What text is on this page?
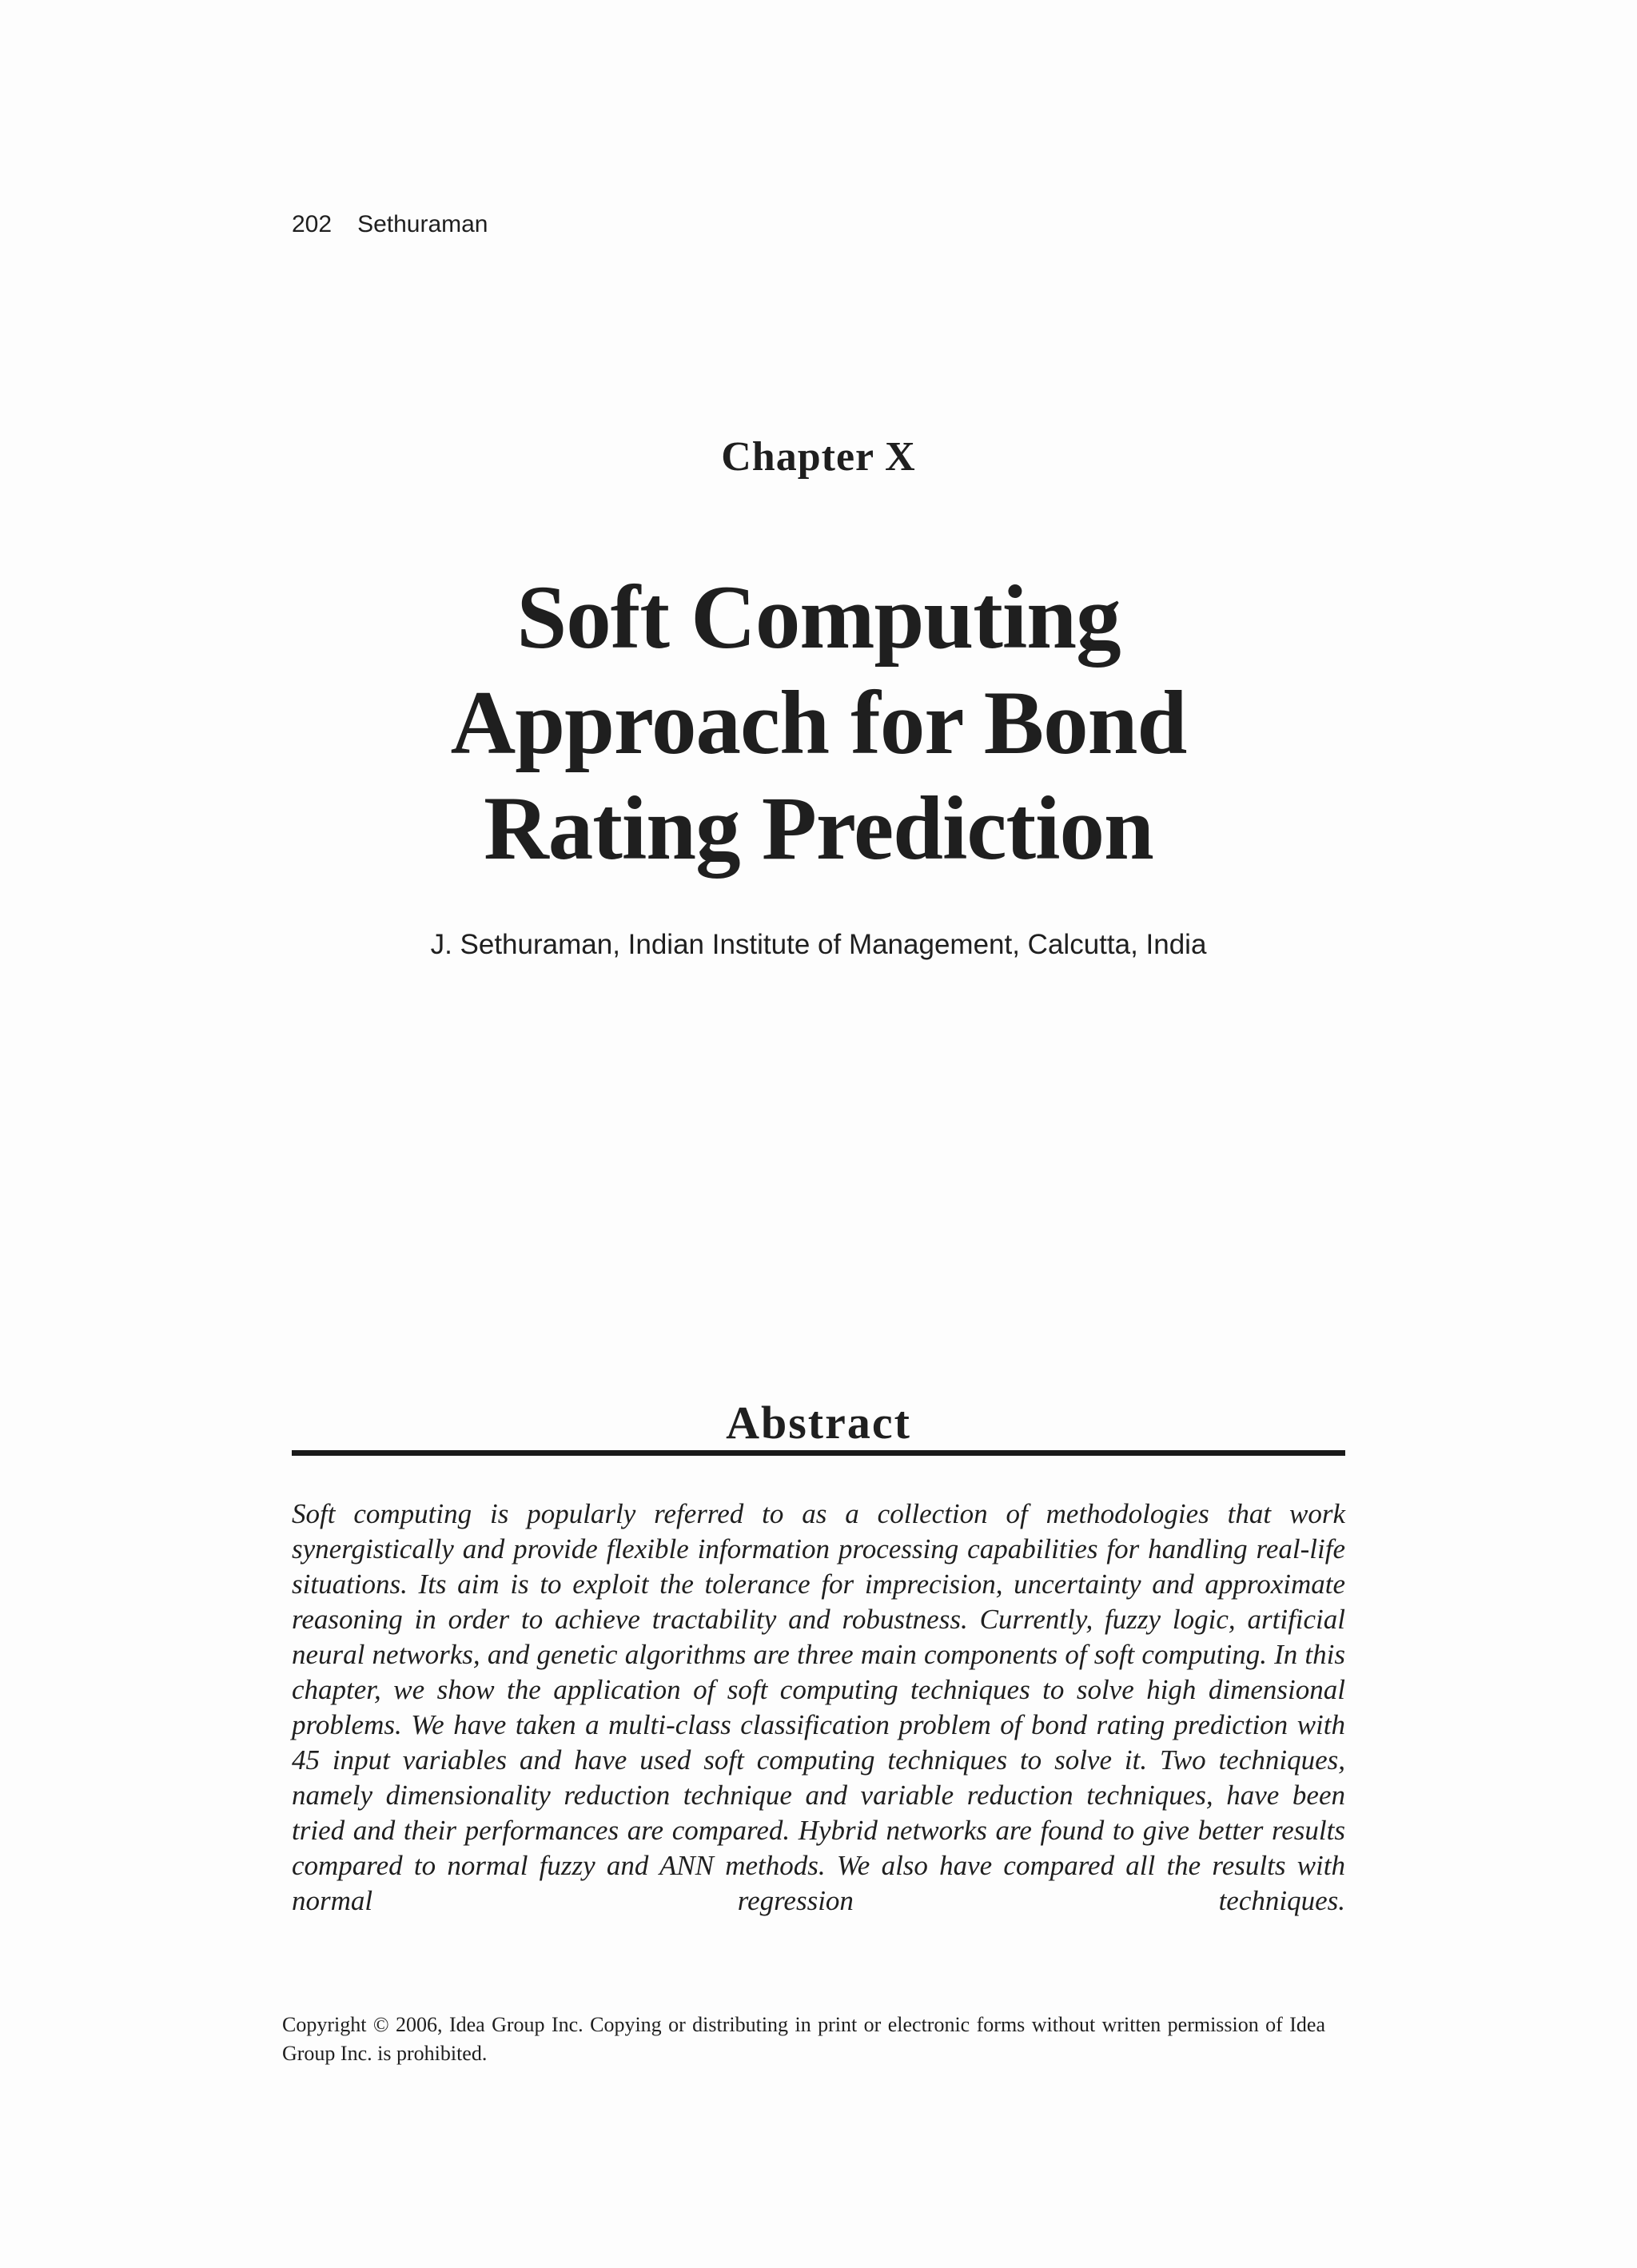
202 Sethuraman
Chapter X
Soft Computing
Approach for Bond
Rating Prediction
J. Sethuraman, Indian Institute of Management, Calcutta, India
Abstract

Soft computing is popularly referred to as a collection of methodologies that work synergistically and provide flexible information processing capabilities for handling real-life situations. Its aim is to exploit the tolerance for imprecision, uncertainty and approximate reasoning in order to achieve tractability and robustness. Currently, fuzzy logic, artificial neural networks, and genetic algorithms are three main components of soft computing. In this chapter, we show the application of soft computing techniques to solve high dimensional problems. We have taken a multi-class classification problem of bond rating prediction with 45 input variables and have used soft computing techniques to solve it. Two techniques, namely dimensionality reduction technique and variable reduction techniques, have been tried and their performances are compared. Hybrid networks are found to give better results compared to normal fuzzy and ANN methods. We also have compared all the results with normal regression techniques.

Copyright © 2006, Idea Group Inc. Copying or distributing in print or electronic forms without written permission of Idea Group Inc. is prohibited.
